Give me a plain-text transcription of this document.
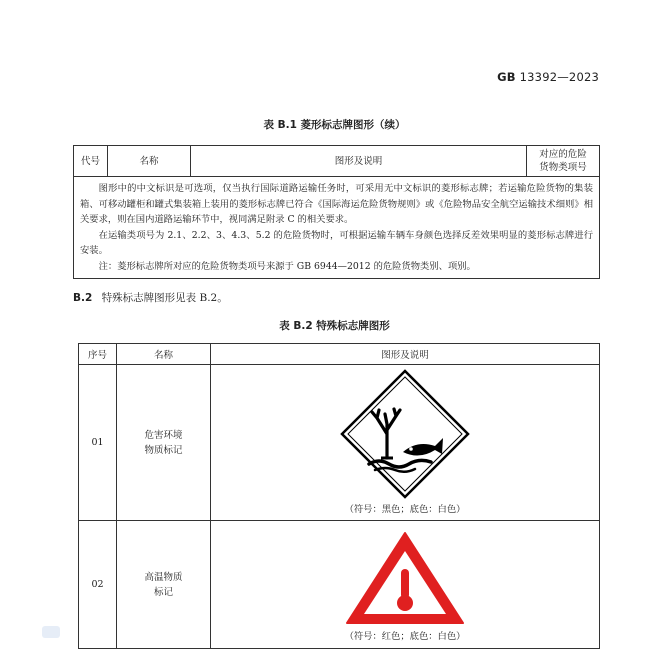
GB 13392—2023
表 B.1 菱形标志牌图形（续）
代号	名称	图形及说明	对应的危险
货物类项号

图形中的中文标识是可选项，仅当执行国际道路运输任务时，可采用无中文标识的菱形标志牌；若运输危险货物的集装箱、可移动罐柜和罐式集装箱上装用的菱形标志牌已符合《国际海运危险货物规则》或《危险物品安全航空运输技术细则》相关要求，则在国内道路运输环节中，视同满足附录 C 的相关要求。

在运输类项号为 2.1、2.2、3、4.3、5.2 的危险货物时，可根据运输车辆车身颜色选择反差效果明显的菱形标志牌进行安装。

注：菱形标志牌所对应的危险货物类项号来源于 GB 6944—2012 的危险货物类别、项别。

B.2 特殊标志牌图形见表 B.2。
表 B.2 特殊标志牌图形
序号	名称	图形及说明
01	危害环境
物质标记	（符号：黑色；底色：白色）

02	高温物质
标记	（符号：红色；底色：白色）
